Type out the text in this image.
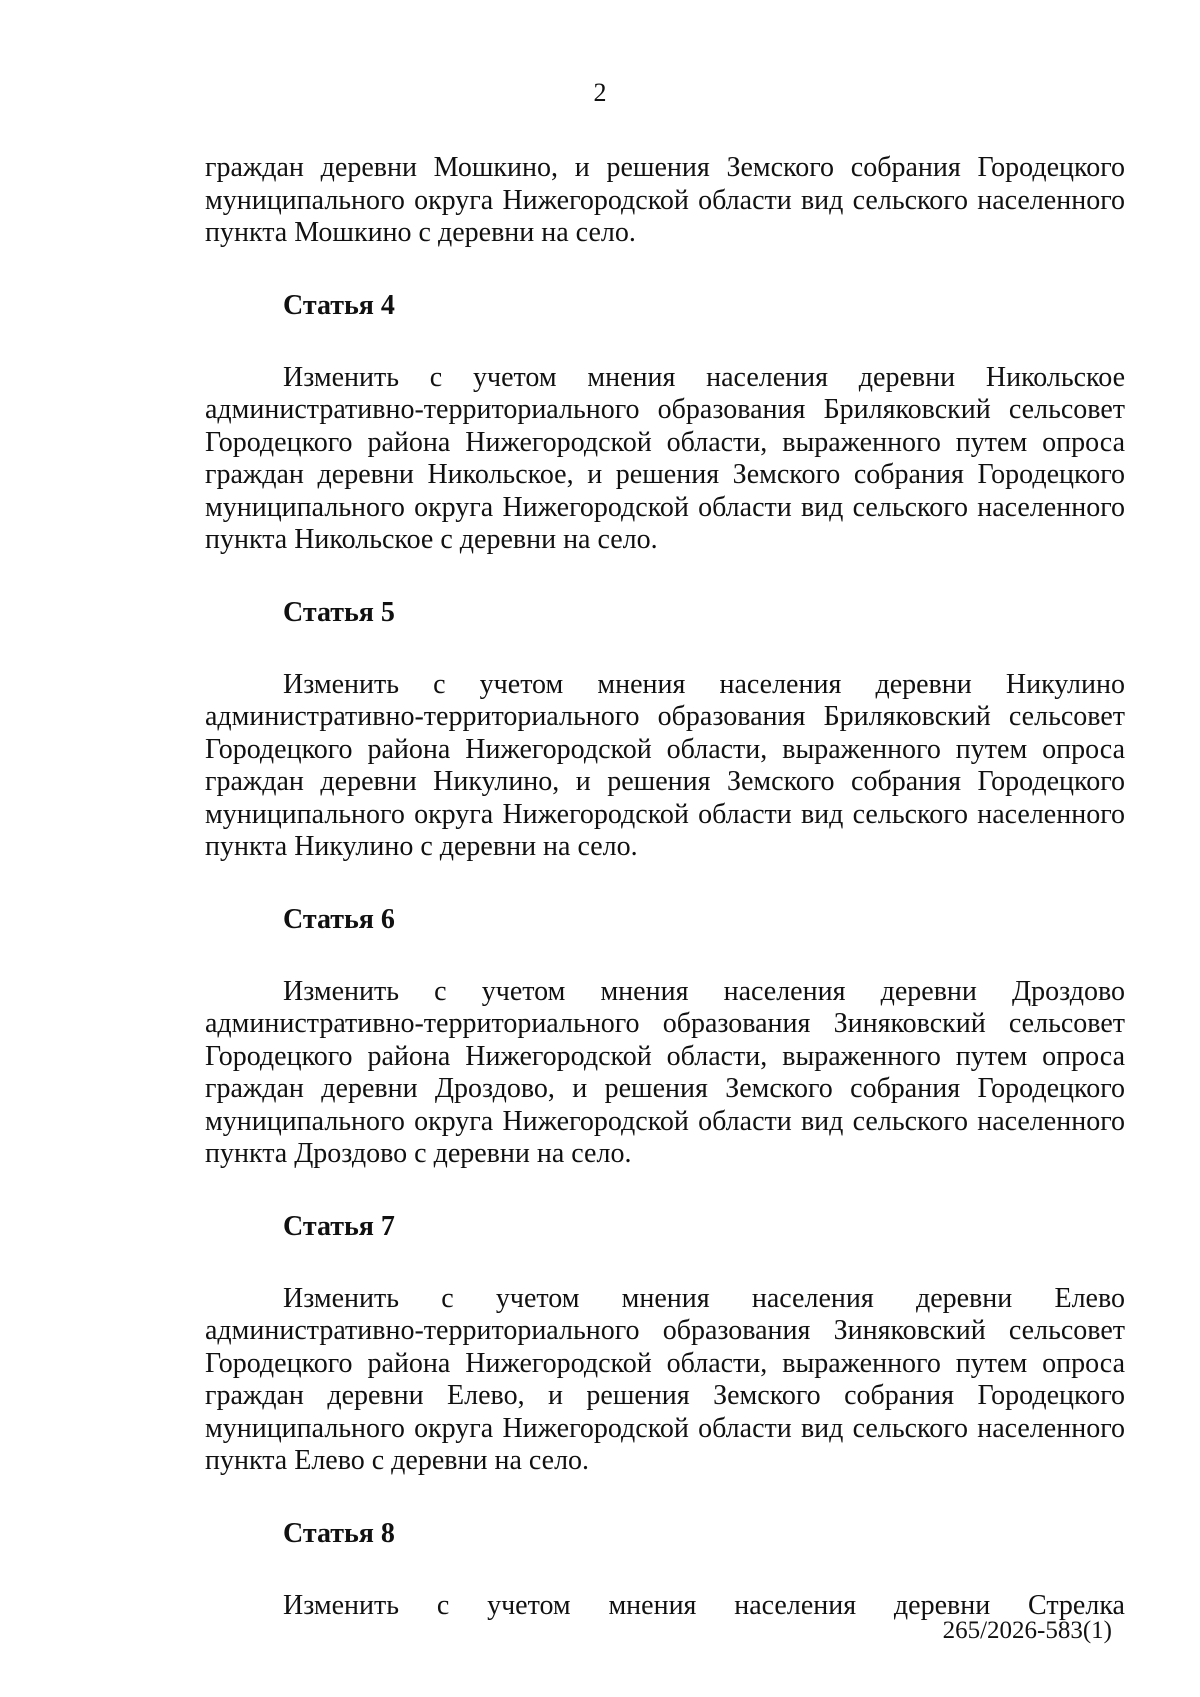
2

граждан деревни Мошкино, и решения Земского собрания Городецкого муниципального округа Нижегородской области вид сельского населенного пункта Мошкино с деревни на село.

Статья 4

Изменить с учетом мнения населения деревни Никольское административно-территориального образования Бриляковский сельсовет Городецкого района Нижегородской области, выраженного путем опроса граждан деревни Никольское, и решения Земского собрания Городецкого муниципального округа Нижегородской области вид сельского населенного пункта Никольское с деревни на село.

Статья 5

Изменить с учетом мнения населения деревни Никулино административно-территориального образования Бриляковский сельсовет Городецкого района Нижегородской области, выраженного путем опроса граждан деревни Никулино, и решения Земского собрания Городецкого муниципального округа Нижегородской области вид сельского населенного пункта Никулино с деревни на село.

Статья 6

Изменить с учетом мнения населения деревни Дроздово административно-территориального образования Зиняковский сельсовет Городецкого района Нижегородской области, выраженного путем опроса граждан деревни Дроздово, и решения Земского собрания Городецкого муниципального округа Нижегородской области вид сельского населенного пункта Дроздово с деревни на село.

Статья 7

Изменить с учетом мнения населения деревни Елево административно-территориального образования Зиняковский сельсовет Городецкого района Нижегородской области, выраженного путем опроса граждан деревни Елево, и решения Земского собрания Городецкого муниципального округа Нижегородской области вид сельского населенного пункта Елево с деревни на село.

Статья 8

Изменить с учетом мнения населения деревни Стрелка

265/2026-583(1)
